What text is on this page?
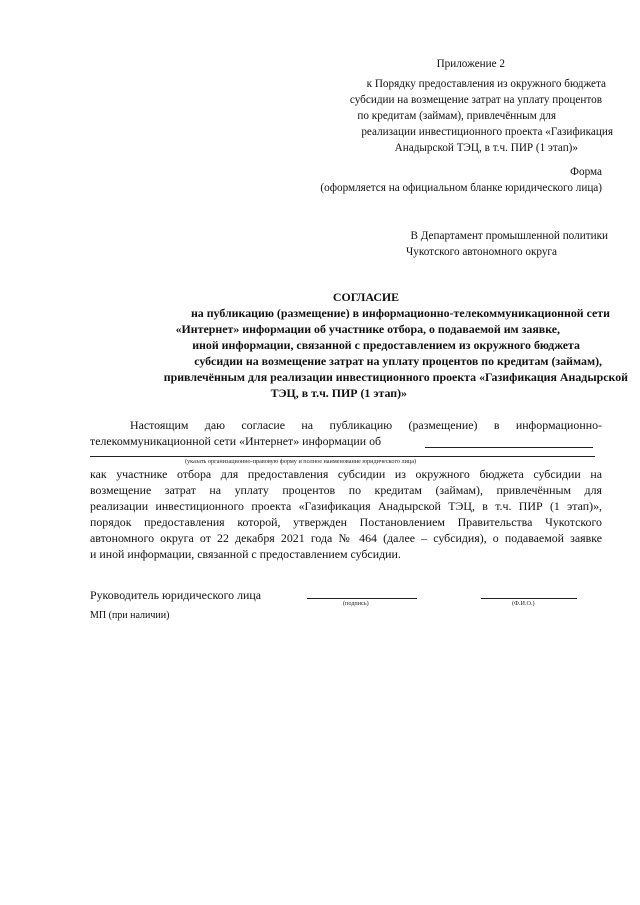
Приложение 2
к Порядку предоставления из окружного бюджета
субсидии на возмещение затрат на уплату процентов
по кредитам (займам), привлечённым для
реализации инвестиционного проекта «Газификация
Анадырской ТЭЦ, в т.ч. ПИР (1 этап)»
Форма
(оформляется на официальном бланке юридического лица)
В Департамент промышленной политики
Чукотского автономного округа
СОГЛАСИЕ
на публикацию (размещение) в информационно-телекоммуникационной сети
«Интернет» информации об участнике отбора, о подаваемой им заявке,
иной информации, связанной с предоставлением из окружного бюджета
субсидии на возмещение затрат на уплату процентов по кредитам (займам),
привлечённым для реализации инвестиционного проекта «Газификация Анадырской
ТЭЦ, в т.ч. ПИР (1 этап)»
Настоящим даю согласие на публикацию (размещение) в информационно-
телекоммуникационной сети «Интернет» информации об
(указать организационно-правовую форму и полное наименование юридического лица)
как участнике отбора для предоставления субсидии из окружного бюджета субсидии на
возмещение затрат на уплату процентов по кредитам (займам), привлечённым для
реализации инвестиционного проекта «Газификация Анадырской ТЭЦ, в т.ч. ПИР (1 этап)»,
порядок предоставления которой, утвержден Постановлением Правительства Чукотского
автономного округа от 22 декабря 2021 года № 464 (далее – субсидия), о подаваемой заявке
и иной информации, связанной с предоставлением субсидии.
Руководитель юридического лица
(подпись)	(Ф.И.О.)
МП (при наличии)
